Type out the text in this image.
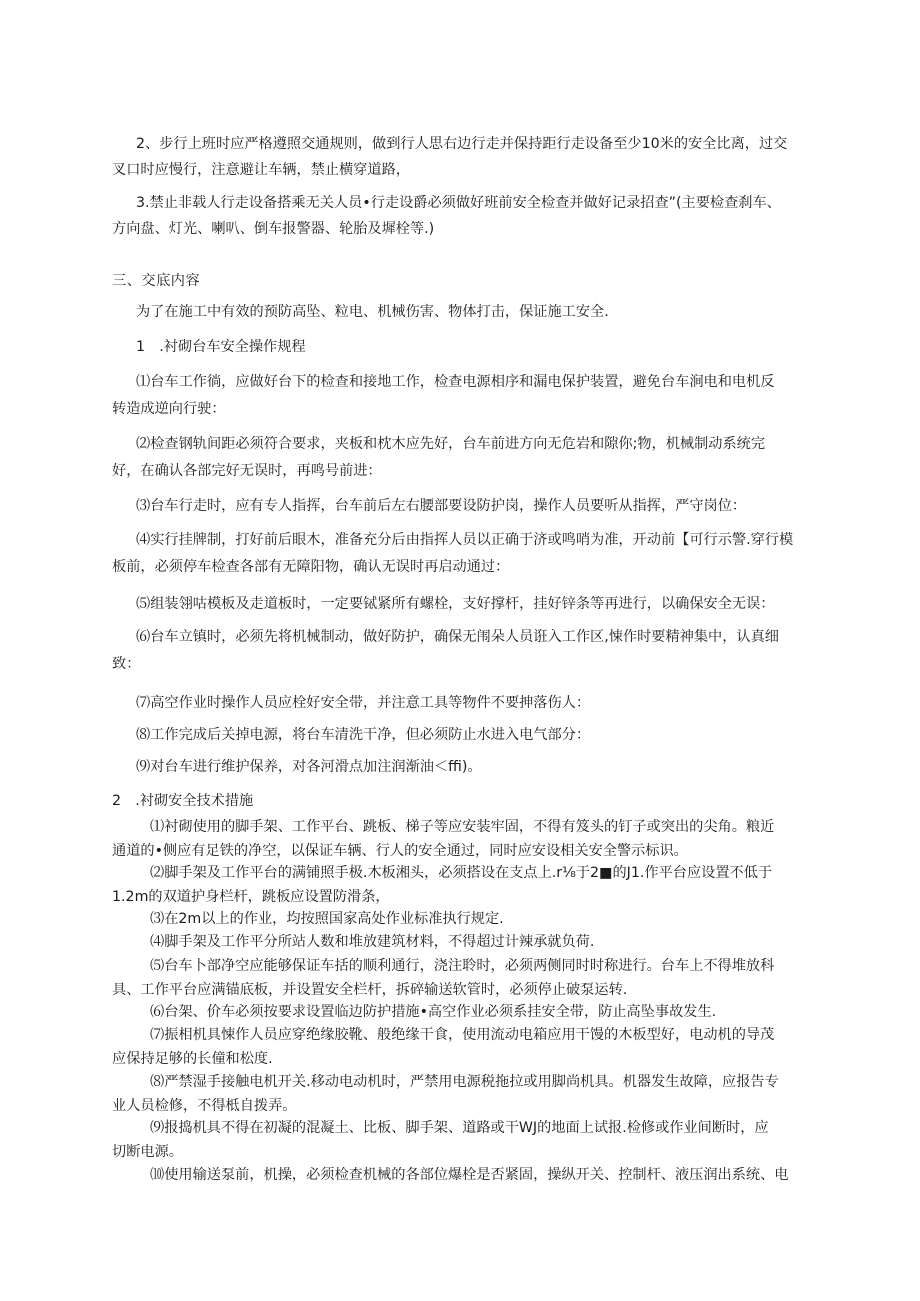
2、步行上班时应严格遵照交通规则，做到行人思右边行走并保持距行走设备至少10米的安全比离，过交
叉口时应慢行，注意避让车辆，禁止横穿道路，

3.禁止非载人行走设备搭乘无关人员•行走设爵必须做好班前安全检查并做好记录招查”(主要检查刹车、
方向盘、灯光、喇叭、倒车报警器、轮胎及墀栓等.)

三、交底内容

为了在施工中有效的预防高坠、粒电、机械伤害、物体打击，保证施工安全.

1　.衬砌台车安全操作规程

⑴台车工作徜，应做好台下的检查和接地工作，检查电源相序和漏电保护装置，避免台车涧电和电机反
转造成逆向行驶：

⑵检查钢轨间距必须符合要求，夹板和枕木应先好，台车前进方向无危岩和隙你;物，机械制动系统完
好，在确认各部完好无误时，再鸣号前进：

⑶台车行走时，应有专人指挥，台车前后左右腰部要设防护岗，操作人员要听从指挥，严守岗位：

⑷实行挂牌制，打好前后眼木，准备充分后由指挥人员以正确于济或鸣哨为准，开动前【可行示警.穿行模
板前，必须停车检查各部有无障阳物，确认无误时再启动通过：

⑸组装翎咕模板及走道板时，一定要铽紧所有螺栓，支好撑杆，挂好锌条等再进行，以确保安全无误：

⑹台车立镇时，必须先将机械制动，做好防护，确保无闱朵人员诳入工作区,悚作时要精神集中，认真细
致：

⑺高空作业时操作人员应栓好安全带，并注意工具等物件不要抻落伤人：

⑻工作完成后关掉电源，将台车清洗干净，但必须防止水进入电气部分：

⑼对台车进行维护保养，对各河滑点加注润渐油＜ffi)。

2　.衬砌安全技术措施

⑴衬砌使用的脚手架、工作平台、跳板、梯子等应安装牢固，不得有笈头的钉子或突出的尖角。粮近
通道的•侧应有足铁的净空，以保证车辆、行人的安全通过，同时应安设相关安全警示标识。

⑵脚手架及工作平台的满铺照手极.木板湘头，必须搭设在支点上.r⅛于2■的J1.作平台应设置不低于
1.2m的双道护身栏杆，跳板应设置防滑条，

⑶在2m以上的作业，均按照国家高处作业标准执行规定.

⑷脚手架及工作平分所站人数和堆放建筑材料，不得超过计辣承就负荷.

⑸台车卜部净空应能够保证车括的顺利通行，浇注聆时，必须两侧同时时称进行。台车上不得堆放科
具、工作平台应满锚底板，并设置安全栏杆，拆碎输送软管时，必须停止破泵运转.

⑹台架、价车必须按要求设置临边防护措施•高空作业必须系挂安全带，防止高坠事故发生.

⑺振相机具悚作人员应穿绝缘胶靴、般绝缘干食，使用流动电箱应用干馒的木板型好，电动机的导茂
应保持足够的长僮和松度.

⑻严禁湿手接触电机开关.移动电动机时，严禁用电源税拖拉或用脚尚机具。机器发生故障，应报告专
业人员检修，不得柢自拨弄。

⑼报捣机具不得在初凝的混凝土、比板、脚手架、道路或干WJ的地面上试报.检修或作业间断时，应
切断电源。

⑽使用输送泵前，机操，必须检查机械的各部位爆栓是否紧固，操纵开关、控制杆、液压润出系统、电
